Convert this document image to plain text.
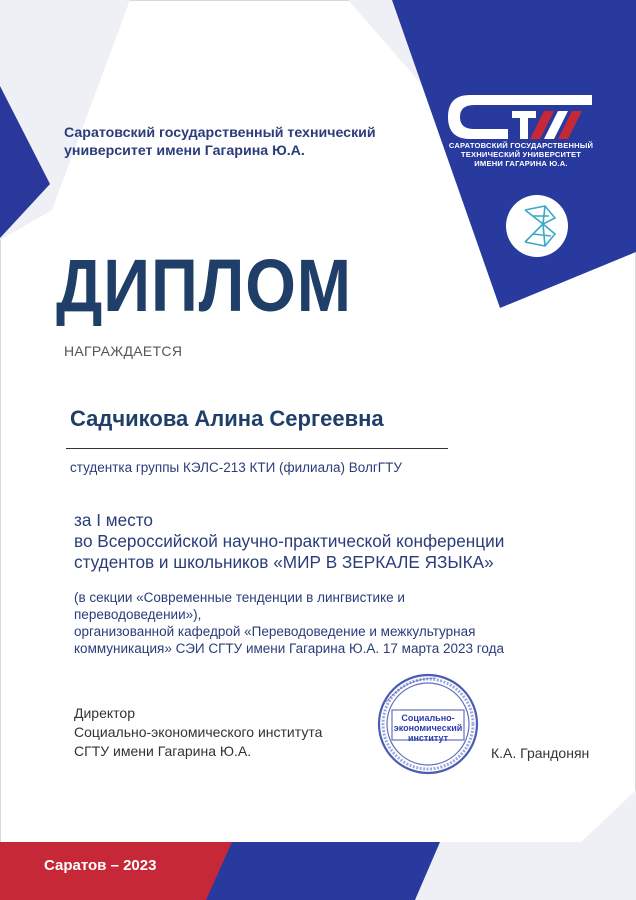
Саратовский государственный технический
университет имени Гагарина Ю.А.	САРАТОВСКИЙ ГОСУДАРСТВЕННЫЙ
ТЕХНИЧЕСКИЙ УНИВЕРСИТЕТ
ИМЕНИ ГАГАРИНА Ю.А.
ДИПЛОМ
НАГРАЖДАЕТСЯ
Садчикова Алина Сергеевна
студентка группы КЭЛС-213 КТИ (филиала) ВолгГТУ
за I место
во Всероссийской научно-практической конференции
студентов и школьников «МИР В ЗЕРКАЛЕ ЯЗЫКА»
(в секции «Современные тенденции в лингвистике и
переводоведении»),
организованной кафедрой «Переводоведение и межкультурная
коммуникация» СЭИ СГТУ имени Гагарина Ю.А. 17 марта 2023 года
Директор
Социально-экономического института
СГТУ имени Гагарина Ю.А.
Социально-
экономический
институт
К.А. Грандонян
Саратов – 2023
